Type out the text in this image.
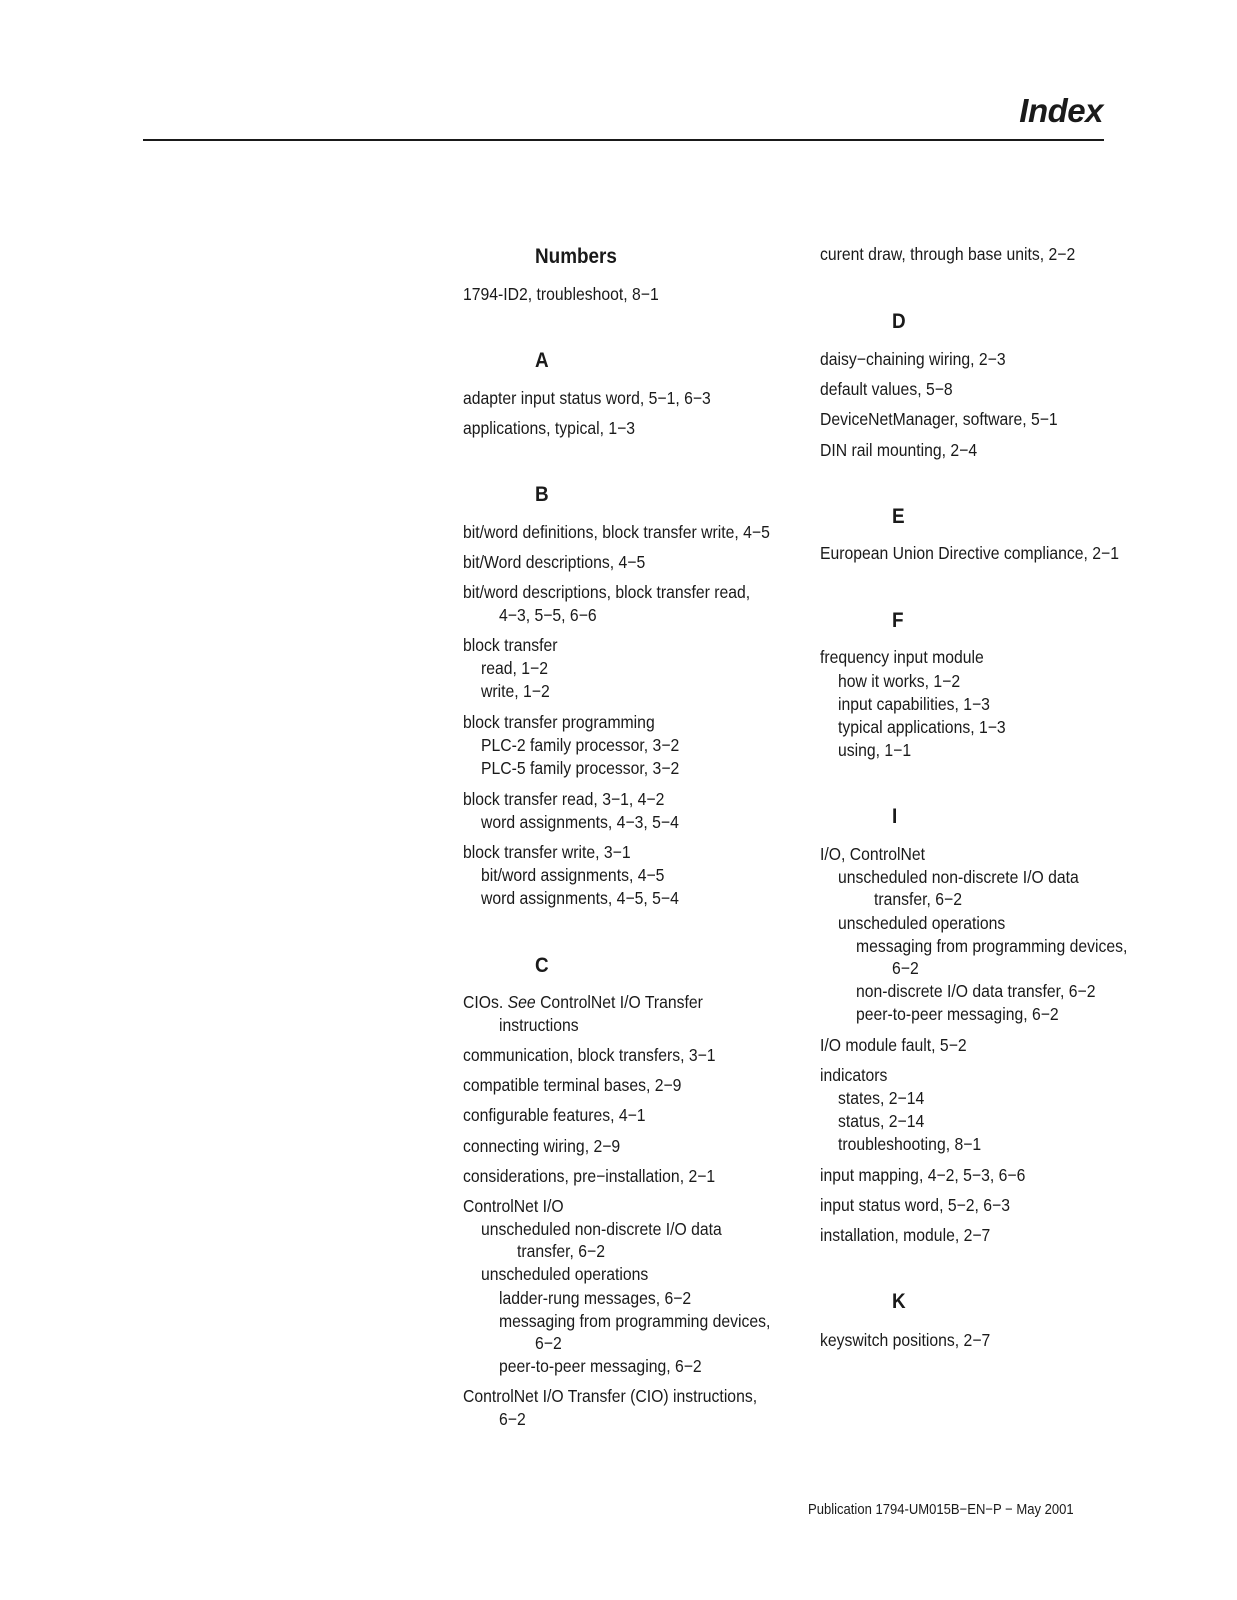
Index
Numbers
A
B
C
1794-ID2, troubleshoot, 8−1
adapter input status word, 5−1, 6−3
applications, typical, 1−3
bit/word definitions, block transfer write, 4−5
bit/Word descriptions, 4−5
bit/word descriptions, block transfer read,
4−3, 5−5, 6−6
block transfer
read, 1−2
write, 1−2
block transfer programming
PLC-2 family processor, 3−2
PLC-5 family processor, 3−2
block transfer read, 3−1, 4−2
word assignments, 4−3, 5−4
block transfer write, 3−1
bit/word assignments, 4−5
word assignments, 4−5, 5−4
CIOs. See ControlNet I/O Transfer
instructions
communication, block transfers, 3−1
compatible terminal bases, 2−9
configurable features, 4−1
connecting wiring, 2−9
considerations, pre−installation, 2−1
ControlNet I/O
unscheduled non-discrete I/O data
transfer, 6−2
unscheduled operations
ladder-rung messages, 6−2
messaging from programming devices,
6−2
peer-to-peer messaging, 6−2
ControlNet I/O Transfer (CIO) instructions,
6−2
D
E
F
I
K
curent draw, through base units, 2−2
daisy−chaining wiring, 2−3
default values, 5−8
DeviceNetManager, software, 5−1
DIN rail mounting, 2−4
European Union Directive compliance, 2−1
frequency input module
how it works, 1−2
input capabilities, 1−3
typical applications, 1−3
using, 1−1
I/O, ControlNet
unscheduled non-discrete I/O data
transfer, 6−2
unscheduled operations
messaging from programming devices,
6−2
non-discrete I/O data transfer, 6−2
peer-to-peer messaging, 6−2
I/O module fault, 5−2
indicators
states, 2−14
status, 2−14
troubleshooting, 8−1
input mapping, 4−2, 5−3, 6−6
input status word, 5−2, 6−3
installation, module, 2−7
keyswitch positions, 2−7
Publication 1794-UM015B−EN−P − May 2001
